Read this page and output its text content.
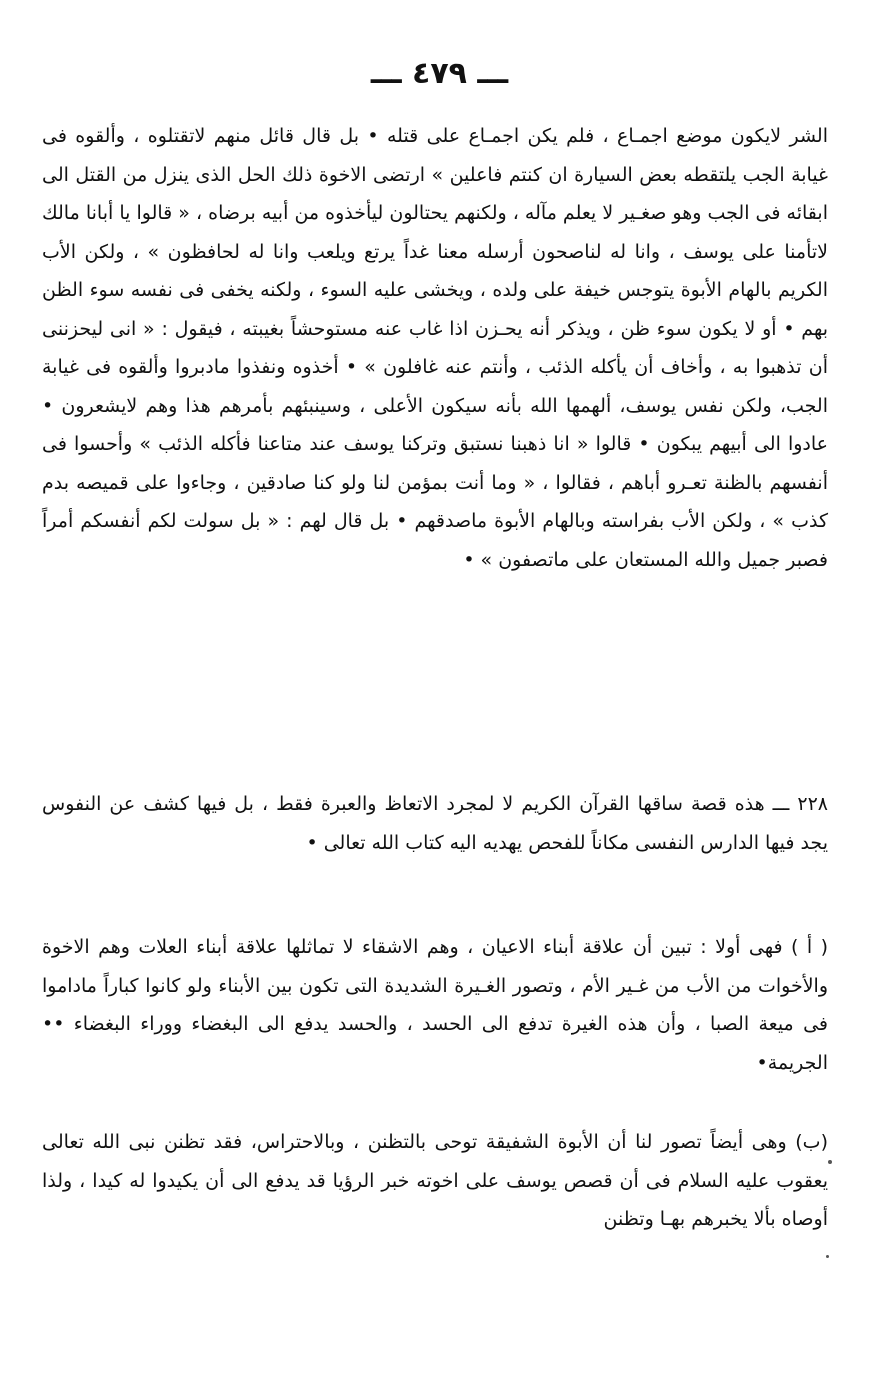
ـــ ٤٧٩ ـــ

الشر لايكون موضع اجمـاع ، فلم يكن اجمـاع على قتله • بل قال قائل منهم لاتقتلوه ، وألقوه فى غيابة الجب يلتقطه بعض السيارة ان كنتم فاعلين » ارتضى الاخوة ذلك الحل الذى ينزل من القتل الى ابقائه فى الجب وهو صغـير لا يعلم مآله ، ولكنهم يحتالون ليأخذوه من أبيه برضاه ، « قالوا يا أبانا مالك لاتأمنا على يوسف ، وانا له لناصحون أرسله معنا غداً يرتع ويلعب وانا له لحافظون » ، ولكن الأب الكريم بالهام الأبوة يتوجس خيفة على ولده ، ويخشى عليه السوء ، ولكنه يخفى فى نفسه سوء الظن بهم • أو لا يكون سوء ظن ، ويذكر أنه يحـزن اذا غاب عنه مستوحشاً بغيبته ، فيقول : « انى ليحزننى أن تذهبوا به ، وأخاف أن يأكله الذئب ، وأنتم عنه غافلون » • أخذوه ونفذوا مادبروا وألقوه فى غيابة الجب، ولكن نفس يوسف، ألهمها الله بأنه سيكون الأعلى ، وسينبئهم بأمرهم هذا وهم لايشعرون • عادوا الى أبيهم يبكون • قالوا « انا ذهبنا نستبق وتركنا يوسف عند متاعنا فأكله الذئب » وأحسوا فى أنفسهم بالظنة تعـرو أباهم ، فقالوا ، « وما أنت بمؤمن لنا ولو كنا صادقين ، وجاءوا على قميصه بدم كذب » ، ولكن الأب بفراسته وبالهام الأبوة ماصدقهم • بل قال لهم : « بل سولت لكم أنفسكم أمراً فصبر جميل والله المستعان على ماتصفون » •

٢٢٨ ـــ هذه قصة ساقها القرآن الكريم لا لمجرد الاتعاظ والعبرة فقط ، بل فيها كشف عن النفوس يجد فيها الدارس النفسى مكاناً للفحص يهديه اليه كتاب الله تعالى •

( أ ) فهى أولا : تبين أن علاقة أبناء الاعيان ، وهم الاشقاء لا تماثلها علاقة أبناء العلات وهم الاخوة والأخوات من الأب من غـير الأم ، وتصور الغـيرة الشديدة التى تكون بين الأبناء ولو كانوا كباراً ماداموا فى ميعة الصبا ، وأن هذه الغيرة تدفع الى الحسد ، والحسد يدفع الى البغضاء ووراء البغضاء •• الجريمة•

(ب) وهى أيضاً تصور لنا أن الأبوة الشفيقة توحى بالتظنن ، وبالاحتراس، فقد تظنن نبى الله تعالى يعقوب عليه السلام فى أن قصص يوسف على اخوته خبر الرؤيا قد يدفع الى أن يكيدوا له كيدا ، ولذا أوصاه بألا يخبرهم بهـا وتظنن
